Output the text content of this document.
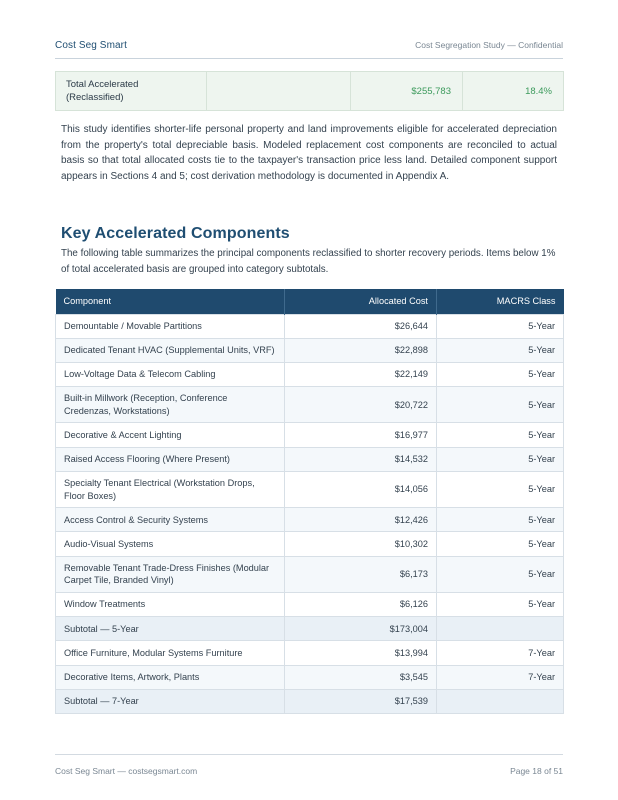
Cost Seg Smart	Cost Segregation Study — Confidential
Total Accelerated
(Reclassified)		$255,783	18.4%

This study identifies shorter-life personal property and land improvements eligible for accelerated depreciation from the property's total depreciable basis. Modeled replacement cost components are reconciled to actual basis so that total allocated costs tie to the taxpayer's transaction price less land. Detailed component support appears in Sections 4 and 5; cost derivation methodology is documented in Appendix A.

Key Accelerated Components

The following table summarizes the principal components reclassified to shorter recovery periods. Items below 1% of total accelerated basis are grouped into category subtotals.

Component	Allocated Cost	MACRS Class
Demountable / Movable Partitions	$26,644	5-Year
Dedicated Tenant HVAC (Supplemental Units, VRF)	$22,898	5-Year
Low-Voltage Data & Telecom Cabling	$22,149	5-Year
Built-in Millwork (Reception, Conference Credenzas, Workstations)	$20,722	5-Year
Decorative & Accent Lighting	$16,977	5-Year
Raised Access Flooring (Where Present)	$14,532	5-Year
Specialty Tenant Electrical (Workstation Drops, Floor Boxes)	$14,056	5-Year
Access Control & Security Systems	$12,426	5-Year
Audio-Visual Systems	$10,302	5-Year
Removable Tenant Trade-Dress Finishes (Modular Carpet Tile, Branded Vinyl)	$6,173	5-Year
Window Treatments	$6,126	5-Year
Subtotal — 5-Year	$173,004	
Office Furniture, Modular Systems Furniture	$13,994	7-Year
Decorative Items, Artwork, Plants	$3,545	7-Year
Subtotal — 7-Year	$17,539	
Cost Seg Smart — costsegsmart.com	Page 18 of 51
